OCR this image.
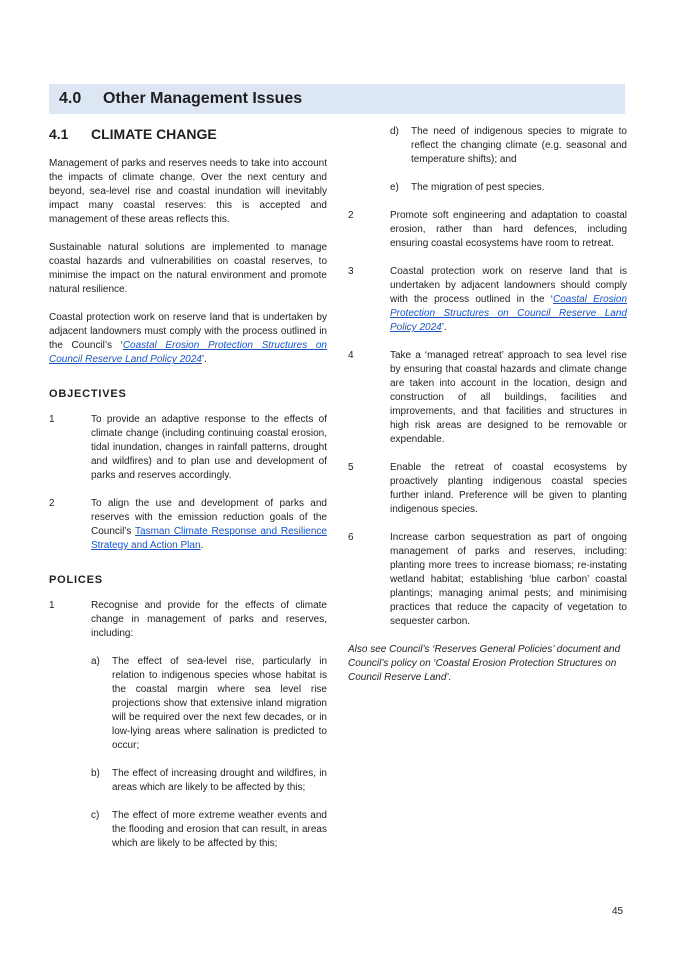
4.0	Other Management Issues
4.1	CLIMATE CHANGE

Management of parks and reserves needs to take into account the impacts of climate change. Over the next century and beyond, sea-level rise and coastal inundation will inevitably impact many coastal reserves: this is accepted and management of these areas reflects this.

Sustainable natural solutions are implemented to manage coastal hazards and vulnerabilities on coastal reserves, to minimise the impact on the natural environment and promote natural resilience.

Coastal protection work on reserve land that is undertaken by adjacent landowners must comply with the process outlined in the Council’s ‘Coastal Erosion Protection Structures on Council Reserve Land Policy 2024’.

OBJECTIVES
1	To provide an adaptive response to the effects of climate change (including continuing coastal erosion, tidal inundation, changes in rainfall patterns, drought and wildfires) and to plan use and development of parks and reserves accordingly.
2	To align the use and development of parks and reserves with the emission reduction goals of the Council’s Tasman Climate Response and Resilience Strategy and Action Plan.
POLICES
1	Recognise and provide for the effects of climate change in management of parks and reserves, including:
a)	The effect of sea-level rise, particularly in relation to indigenous species whose habitat is the coastal margin where sea level rise projections show that extensive inland migration will be required over the next few decades, or in low-lying areas where salination is predicted to occur;
b)	The effect of increasing drought and wildfires, in areas which are likely to be affected by this;
c)	The effect of more extreme weather events and the flooding and erosion that can result, in areas which are likely to be affected by this;
d)	The need of indigenous species to migrate to reflect the changing climate (e.g. seasonal and temperature shifts); and
e)	The migration of pest species.
2	Promote soft engineering and adaptation to coastal erosion, rather than hard defences, including ensuring coastal ecosystems have room to retreat.
3	Coastal protection work on reserve land that is undertaken by adjacent landowners should comply with the process outlined in the ‘Coastal Erosion Protection Structures on Council Reserve Land Policy 2024’.
4	Take a ‘managed retreat’ approach to sea level rise by ensuring that coastal hazards and climate change are taken into account in the location, design and construction of all buildings, facilities and improvements, and that facilities and structures in high risk areas are designed to be removable or expendable.
5	Enable the retreat of coastal ecosystems by proactively planting indigenous coastal species further inland. Preference will be given to planting indigenous species.
6	Increase carbon sequestration as part of ongoing management of parks and reserves, including: planting more trees to increase biomass; re-instating wetland habitat; establishing ‘blue carbon’ coastal plantings; managing animal pests; and minimising practices that reduce the capacity of vegetation to sequester carbon.

Also see Council’s ‘Reserves General Policies’ document and Council’s policy on ‘Coastal Erosion Protection Structures on Council Reserve Land’.

45
